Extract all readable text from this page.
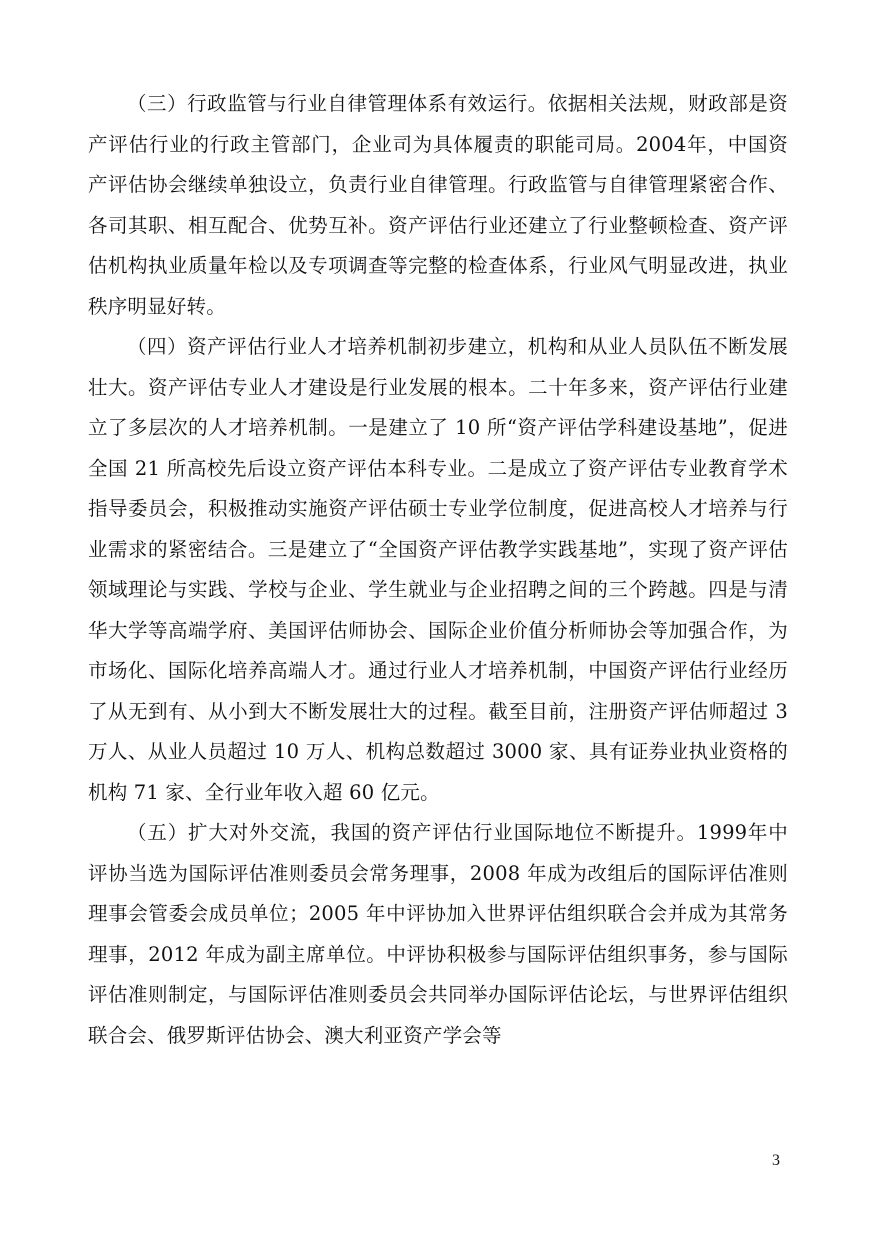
（三）行政监管与行业自律管理体系有效运行。依据相关法规，财政部是资产评估行业的行政主管部门，企业司为具体履责的职能司局。2004年，中国资产评估协会继续单独设立，负责行业自律管理。行政监管与自律管理紧密合作、各司其职、相互配合、优势互补。资产评估行业还建立了行业整顿检查、资产评估机构执业质量年检以及专项调查等完整的检查体系，行业风气明显改进，执业秩序明显好转。

（四）资产评估行业人才培养机制初步建立，机构和从业人员队伍不断发展壮大。资产评估专业人才建设是行业发展的根本。二十年多来，资产评估行业建立了多层次的人才培养机制。一是建立了 10 所“资产评估学科建设基地”，促进全国 21 所高校先后设立资产评估本科专业。二是成立了资产评估专业教育学术指导委员会，积极推动实施资产评估硕士专业学位制度，促进高校人才培养与行业需求的紧密结合。三是建立了“全国资产评估教学实践基地”，实现了资产评估领域理论与实践、学校与企业、学生就业与企业招聘之间的三个跨越。四是与清华大学等高端学府、美国评估师协会、国际企业价值分析师协会等加强合作，为市场化、国际化培养高端人才。通过行业人才培养机制，中国资产评估行业经历了从无到有、从小到大不断发展壮大的过程。截至目前，注册资产评估师超过 3 万人、从业人员超过 10 万人、机构总数超过 3000 家、具有证券业执业资格的机构 71 家、全行业年收入超 60 亿元。

（五）扩大对外交流，我国的资产评估行业国际地位不断提升。1999年中评协当选为国际评估准则委员会常务理事，2008 年成为改组后的国际评估准则理事会管委会成员单位；2005 年中评协加入世界评估组织联合会并成为其常务理事，2012 年成为副主席单位。中评协积极参与国际评估组织事务，参与国际评估准则制定，与国际评估准则委员会共同举办国际评估论坛，与世界评估组织联合会、俄罗斯评估协会、澳大利亚资产学会等

3
